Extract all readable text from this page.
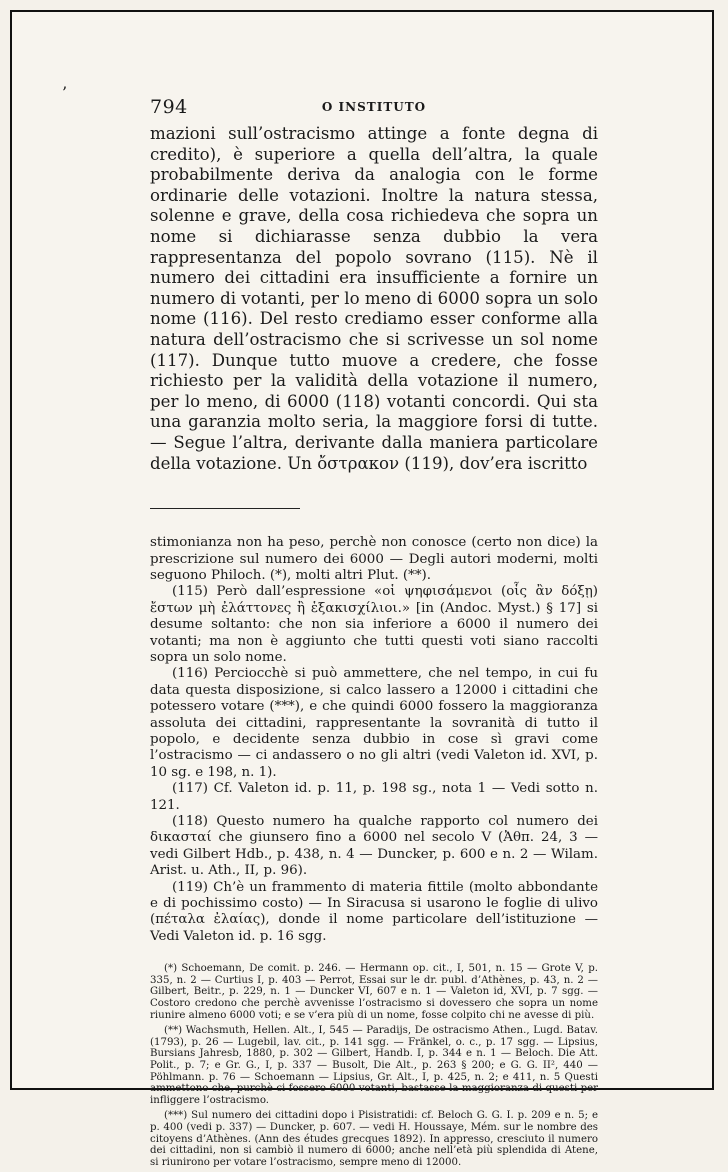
’
794	O INSTITUTO

mazioni sull’ostracismo attinge a fonte degna di credito), è superiore a quella dell’altra, la quale probabilmente deriva da analogia con le forme ordinarie delle votazioni. Inoltre la natura stessa, solenne e grave, della cosa richiedeva che sopra un nome si dichiarasse senza dubbio la vera rappresentanza del popolo sovrano (115). Nè il numero dei cittadini era insufficiente a fornire un numero di votanti, per lo meno di 6000 sopra un solo nome (116). Del resto crediamo esser conforme alla natura dell’ostracismo che si scrivesse un sol nome (117). Dunque tutto muove a credere, che fosse richiesto per la validità della votazione il numero, per lo meno, di 6000 (118) votanti concordi. Qui sta una garanzia molto seria, la maggiore forsi di tutte. — Segue l’altra, derivante dalla maniera particolare della votazione. Un ὄστρακον (119), dov’era iscritto

stimonianza non ha peso, perchè non conosce (certo non dice) la prescrizione sul numero dei 6000 — Degli autori moderni, molti seguono Philoch. (*), molti altri Plut. (**).

(115) Però dall’espressione «οἱ ψηφισάμενοι (οἷς ἂν δόξῃ) ἔστων μὴ ἐλάττονες ἢ ἑξακισχίλιοι.» [in (Andoc. Myst.) § 17] si desume soltanto: che non sia inferiore a 6000 il numero dei votanti; ma non è aggiunto che tutti questi voti siano raccolti sopra un solo nome.

(116) Perciocchè si può ammettere, che nel tempo, in cui fu data questa disposizione, si calco lassero a 12000 i cittadini che potessero votare (***), e che quindi 6000 fossero la maggioranza assoluta dei cittadini, rappresentante la sovranità di tutto il popolo, e decidente senza dubbio in cose sì gravi come l’ostracismo — ci andassero o no gli altri (vedi Valeton id. XVI, p. 10 sg. e 198, n. 1).

(117) Cf. Valeton id. p. 11, p. 198 sg., nota 1 — Vedi sotto n. 121.

(118) Questo numero ha qualche rapporto col numero dei δικασταί che giunsero fino a 6000 nel secolo V (Ἀθπ. 24, 3 — vedi Gilbert Hdb., p. 438, n. 4 — Duncker, p. 600 e n. 2 — Wilam. Arist. u. Ath., II, p. 96).

(119) Ch’è un frammento di materia fittile (molto abbondante e di pochissimo costo) — In Siracusa si usarono le foglie di ulivo (πέταλα ἐλαίας), donde il nome particolare dell’istituzione — Vedi Valeton id. p. 16 sgg.

(*) Schoemann, De comit. p. 246. — Hermann op. cit., I, 501, n. 15 — Grote V, p. 335, n. 2 — Curtius I, p. 403 — Perrot, Essai sur le dr. publ. d’Athènes, p. 43, n. 2 — Gilbert, Beitr., p. 229, n. 1 — Duncker VI, 607 e n. 1 — Valeton id, XVI, p. 7 sgg. — Costoro credono che perchè avvenisse l’ostracismo si dovessero che sopra un nome riunire almeno 6000 voti; e se v’era più di un nome, fosse colpito chi ne avesse di più.

(**) Wachsmuth, Hellen. Alt., I, 545 — Paradijs, De ostracismo Athen., Lugd. Batav. (1793), p. 26 — Lugebil, lav. cit., p. 141 sgg. — Fränkel, o. c., p. 17 sgg. — Lipsius, Bursians Jahresb, 1880, p. 302 — Gilbert, Handb. I, p. 344 e n. 1 — Beloch. Die Att. Polit., p. 7; e Gr. G., I, p. 337 — Busolt, Die Alt., p. 263 § 200; e G. G. II², 440 — Pöhlmann. p. 76 — Schoemann — Lipsius, Gr. Alt., I, p. 425, n. 2; e 411, n. 5 Questi ammettono che, purchè ci fossero 6000 votanti, bastasse la maggioranza di questi per infliggere l’ostracismo.

(***) Sul numero dei cittadini dopo i Pisistratidi: cf. Beloch G. G. I. p. 209 e n. 5; e p. 400 (vedi p. 337) — Duncker, p. 607. — vedi H. Houssaye, Mém. sur le nombre des citoyens d’Athènes. (Ann des études grecques 1892). In appresso, cresciuto il numero dei cittadini, non si cambiò il numero di 6000; anche nell’età più splendida di Atene, si riunirono per votare l’ostracismo, sempre meno di 12000.
